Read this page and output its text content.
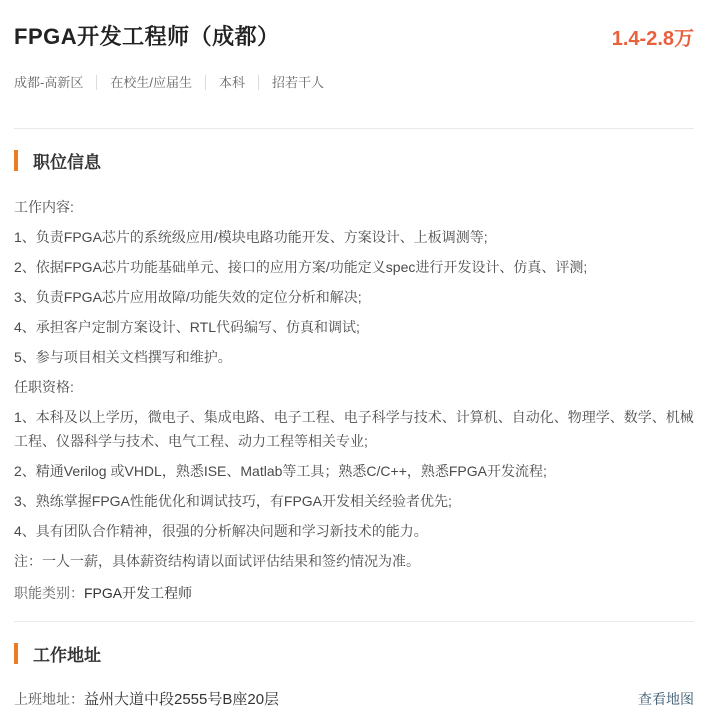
FPGA开发工程师（成都）	1.4-2.8万
成都-高新区	在校生/应届生	本科	招若干人
职位信息

工作内容:

1、负责FPGA芯片的系统级应用/模块电路功能开发、方案设计、上板调测等;

2、依据FPGA芯片功能基础单元、接口的应用方案/功能定义spec进行开发设计、仿真、评测;

3、负责FPGA芯片应用故障/功能失效的定位分析和解决;

4、承担客户定制方案设计、RTL代码编写、仿真和调试;

5、参与项目相关文档撰写和维护。

任职资格:

1、本科及以上学历，微电子、集成电路、电子工程、电子科学与技术、计算机、自动化、物理学、数学、机械工程、仪器科学与技术、电气工程、动力工程等相关专业;

2、精通Verilog 或VHDL，熟悉ISE、Matlab等工具；熟悉C/C++，熟悉FPGA开发流程;

3、熟练掌握FPGA性能优化和调试技巧，有FPGA开发相关经验者优先;

4、具有团队合作精神，很强的分析解决问题和学习新技术的能力。

注：一人一薪，具体薪资结构请以面试评估结果和签约情况为准。

职能类别：FPGA开发工程师
工作地址
上班地址：益州大道中段2555号B座20层	查看地图
